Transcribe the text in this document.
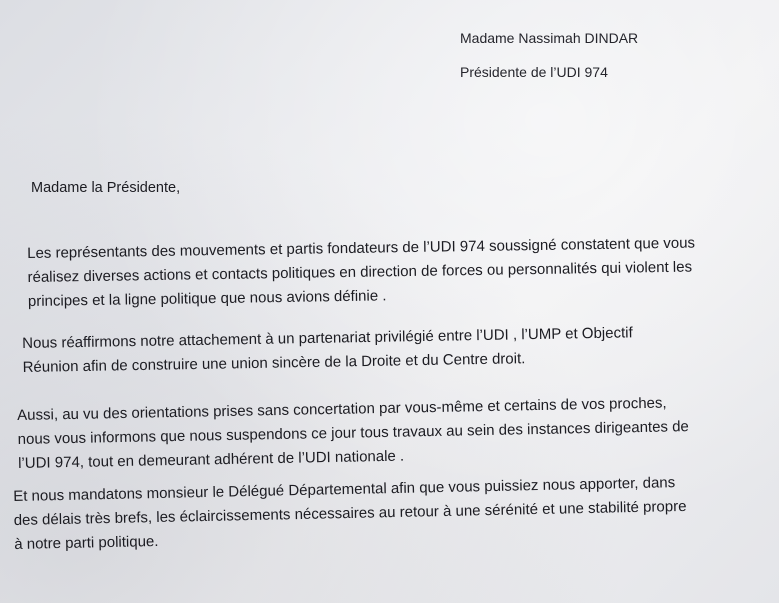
Madame Nassimah DINDAR
Présidente de l’UDI 974
Madame la Présidente,
Les représentants des mouvements et partis fondateurs de l’UDI 974 soussigné constatent que vous
réalisez diverses actions et contacts politiques en direction de forces ou personnalités qui violent les
principes et la ligne politique que nous avions définie .
Nous réaffirmons notre attachement à un partenariat privilégié entre l’UDI , l’UMP et Objectif
Réunion afin de construire une union sincère de la Droite et du Centre droit.
Aussi, au vu des orientations prises sans concertation par vous-même et certains de vos proches,
nous vous informons que nous suspendons ce jour tous travaux au sein des instances dirigeantes de
l’UDI 974, tout en demeurant adhérent de l’UDI nationale .
Et nous mandatons monsieur le Délégué Départemental afin que vous puissiez nous apporter, dans
des délais très brefs, les éclaircissements nécessaires au retour à une sérénité et une stabilité propre
à notre parti politique.
